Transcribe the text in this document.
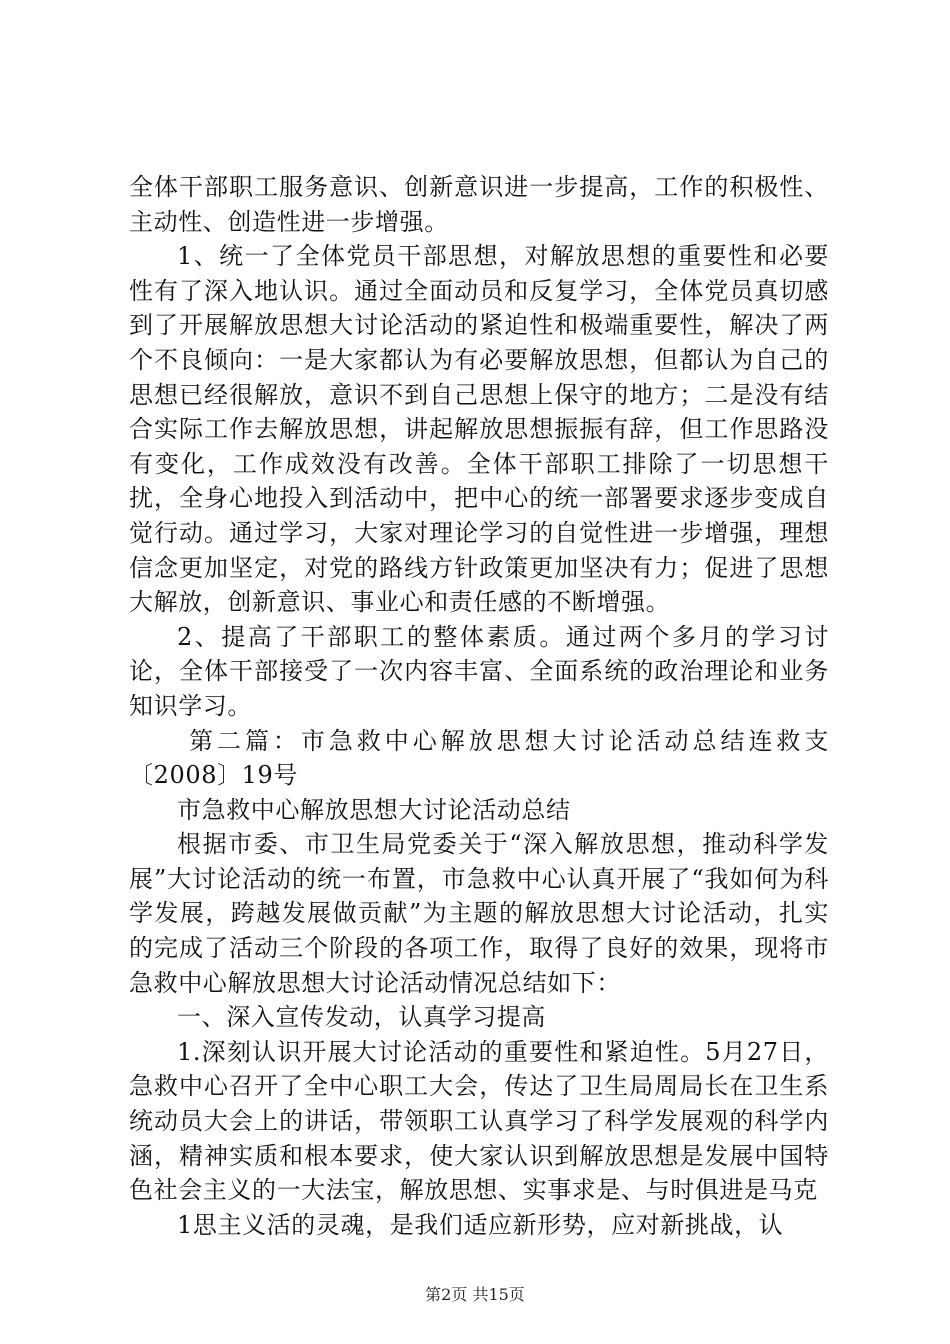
全体干部职工服务意识、创新意识进一步提高，工作的积极性、主动性、创造性进一步增强。

1、统一了全体党员干部思想，对解放思想的重要性和必要性有了深入地认识。通过全面动员和反复学习，全体党员真切感到了开展解放思想大讨论活动的紧迫性和极端重要性，解决了两个不良倾向：一是大家都认为有必要解放思想，但都认为自己的思想已经很解放，意识不到自己思想上保守的地方；二是没有结合实际工作去解放思想，讲起解放思想振振有辞，但工作思路没有变化，工作成效没有改善。全体干部职工排除了一切思想干扰，全身心地投入到活动中，把中心的统一部署要求逐步变成自觉行动。通过学习，大家对理论学习的自觉性进一步增强，理想信念更加坚定，对党的路线方针政策更加坚决有力；促进了思想大解放，创新意识、事业心和责任感的不断增强。

2、提高了干部职工的整体素质。通过两个多月的学习讨论，全体干部接受了一次内容丰富、全面系统的政治理论和业务知识学习。

第二篇：市急救中心解放思想大讨论活动总结连救支〔2008〕19号

市急救中心解放思想大讨论活动总结

根据市委、市卫生局党委关于“深入解放思想，推动科学发展”大讨论活动的统一布置，市急救中心认真开展了“我如何为科学发展，跨越发展做贡献”为主题的解放思想大讨论活动，扎实的完成了活动三个阶段的各项工作，取得了良好的效果，现将市急救中心解放思想大讨论活动情况总结如下：

一、深入宣传发动，认真学习提高

1.深刻认识开展大讨论活动的重要性和紧迫性。5月27日，急救中心召开了全中心职工大会，传达了卫生局周局长在卫生系统动员大会上的讲话，带领职工认真学习了科学发展观的科学内涵，精神实质和根本要求，使大家认识到解放思想是发展中国特色社会主义的一大法宝，解放思想、实事求是、与时俱进是马克

1思主义活的灵魂，是我们适应新形势，应对新挑战，认

第2页 共15页
